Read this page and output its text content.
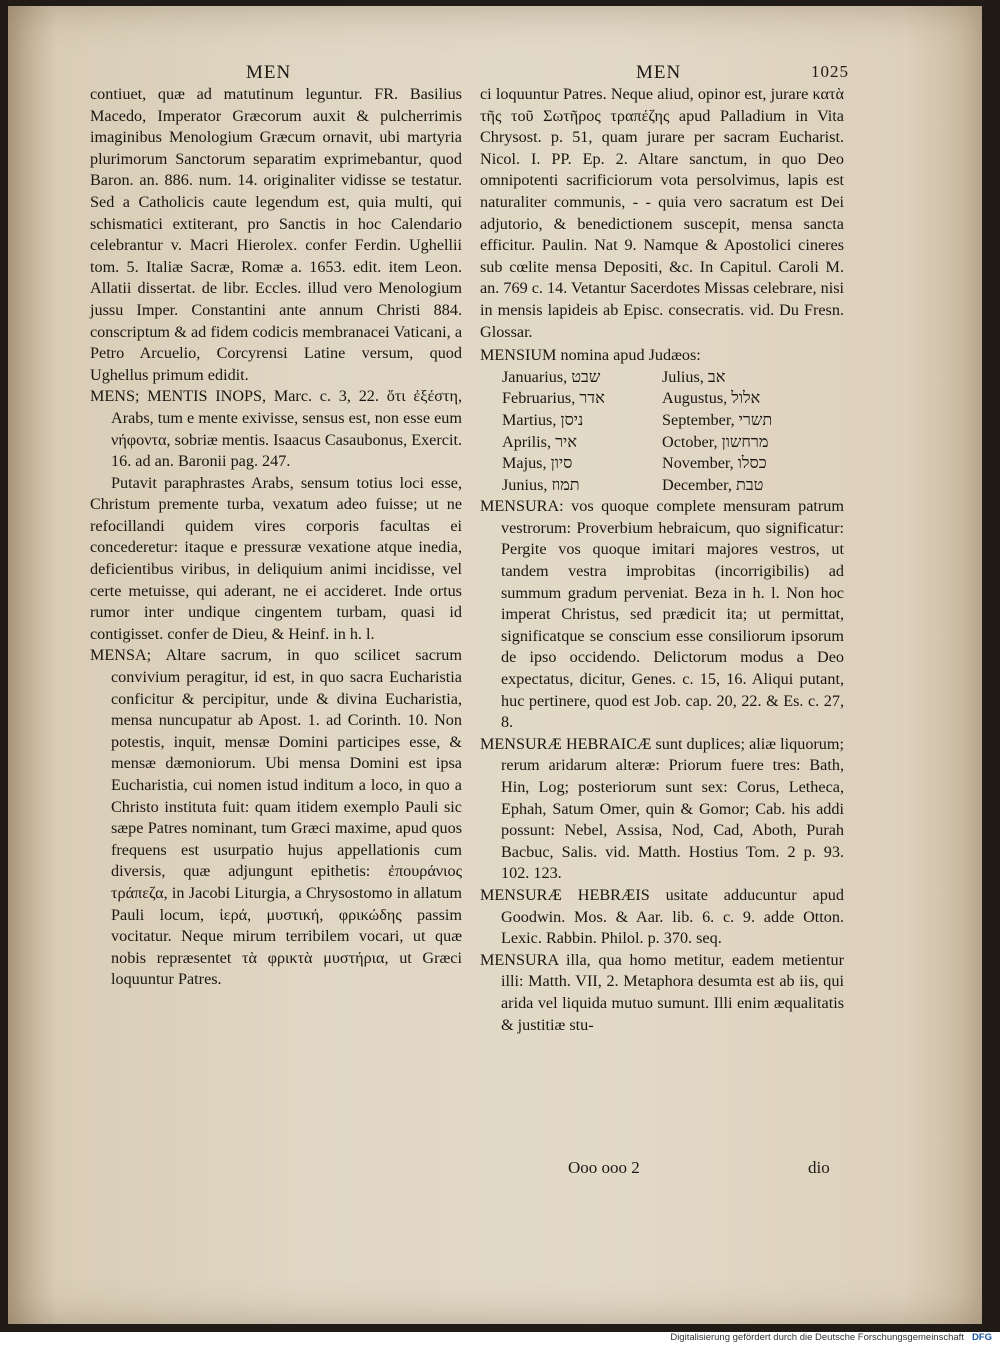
MEN	MEN	1025

contiuet, quæ ad matutinum leguntur. FR. Basilius Macedo, Imperator Græcorum auxit & pulcherrimis imaginibus Menologium Græcum ornavit, ubi martyria plurimorum Sanctorum separatim exprimebantur, quod Baron. an. 886. num. 14. originaliter vidisse se testatur. Sed a Catholicis caute legendum est, quia multi, qui schismatici extiterant, pro Sanctis in hoc Calendario celebrantur v. Macri Hierolex. confer Ferdin. Ughellii tom. 5. Italiæ Sacræ, Romæ a. 1653. edit. item Leon. Allatii dissertat. de libr. Eccles. illud vero Menologium jussu Imper. Constantini ante annum Christi 884. conscriptum & ad fidem codicis membranacei Vaticani, a Petro Arcuelio, Corcyrensi Latine versum, quod Ughellus primum edidit.

MENS; MENTIS INOPS, Marc. c. 3, 22. ὅτι ἐξέστη, Arabs, tum e mente exivisse, sensus est, non esse eum νήφοντα, sobriæ mentis. Isaacus Casaubonus, Exercit. 16. ad an. Baronii pag. 247.

Putavit paraphrastes Arabs, sensum totius loci esse, Christum premente turba, vexatum adeo fuisse; ut ne refocillandi quidem vires corporis facultas ei concederetur: itaque e pressuræ vexatione atque inedia, deficientibus viribus, in deliquium animi incidisse, vel certe metuisse, qui aderant, ne ei accideret. Inde ortus rumor inter undique cingentem turbam, quasi id contigisset. confer de Dieu, & Heinf. in h. l.

MENSA; Altare sacrum, in quo scilicet sacrum convivium peragitur, id est, in quo sacra Eucharistia conficitur & percipitur, unde & divina Eucharistia, mensa nuncupatur ab Apost. 1. ad Corinth. 10. Non potestis, inquit, mensæ Domini participes esse, & mensæ dæmoniorum. Ubi mensa Domini est ipsa Eucharistia, cui nomen istud inditum a loco, in quo a Christo instituta fuit: quam itidem exemplo Pauli sic sæpe Patres nominant, tum Græci maxime, apud quos frequens est usurpatio hujus appellationis cum diversis, quæ adjungunt epithetis: ἐπουράνιος τράπεζα, in Jacobi Liturgia, a Chrysostomo in allatum Pauli locum, ἱερά, μυστική, φρικώδης passim vocitatur. Neque mirum terribilem vocari, ut quæ nobis repræsentet τὰ φρικτὰ μυστήρια, ut Græci loquuntur Patres.

ci loquuntur Patres. Neque aliud, opinor est, jurare κατὰ τῆς τοῦ Σωτῆρος τραπέζης apud Palladium in Vita Chrysost. p. 51, quam jurare per sacram Eucharist. Nicol. I. PP. Ep. 2. Altare sanctum, in quo Deo omnipotenti sacrificiorum vota persolvimus, lapis est naturaliter communis, - - quia vero sacratum est Dei adjutorio, & benedictionem suscepit, mensa sancta efficitur. Paulin. Nat 9. Namque & Apostolici cineres sub cœlite mensa Depositi, &c. In Capitul. Caroli M. an. 769 c. 14. Vetantur Sacerdotes Missas celebrare, nisi in mensis lapideis ab Episc. consecratis. vid. Du Fresn. Glossar.

MENSIUM nomina apud Judæos:

Januarius, שבט	Julius, אב
Februarius, אדר	Augustus, אלול
Martius, ניסן	September, תשרי
Aprilis, איר	October, מרחשון
Majus, סיון	November, כסלו
Junius, תמוז	December, טבת

MENSURA: vos quoque complete mensuram patrum vestrorum: Proverbium hebraicum, quo significatur: Pergite vos quoque imitari majores vestros, ut tandem vestra improbitas (incorrigibilis) ad summum gradum perveniat. Beza in h. l. Non hoc imperat Christus, sed prædicit ita; ut permittat, significatque se conscium esse consiliorum ipsorum de ipso occidendo. Delictorum modus a Deo expectatus, dicitur, Genes. c. 15, 16. Aliqui putant, huc pertinere, quod est Job. cap. 20, 22. & Es. c. 27, 8.

MENSURÆ HEBRAICÆ sunt duplices; aliæ liquorum; rerum aridarum alteræ: Priorum fuere tres: Bath, Hin, Log; posteriorum sunt sex: Corus, Letheca, Ephah, Satum Omer, quin & Gomor; Cab. his addi possunt: Nebel, Assisa, Nod, Cad, Aboth, Purah Bacbuc, Salis. vid. Matth. Hostius Tom. 2 p. 93. 102. 123.

MENSURÆ HEBRÆIS usitate adducuntur apud Goodwin. Mos. & Aar. lib. 6. c. 9. adde Otton. Lexic. Rabbin. Philol. p. 370. seq.

MENSURA illa, qua homo metitur, eadem metientur illi: Matth. VII, 2. Metaphora desumta est ab iis, qui arida vel liquida mutuo sumunt. Illi enim æqualitatis & justitiæ stu-

Ooo ooo 2	dio
Digitalisierung gefördert durch die Deutsche Forschungsgemeinschaft DFG
